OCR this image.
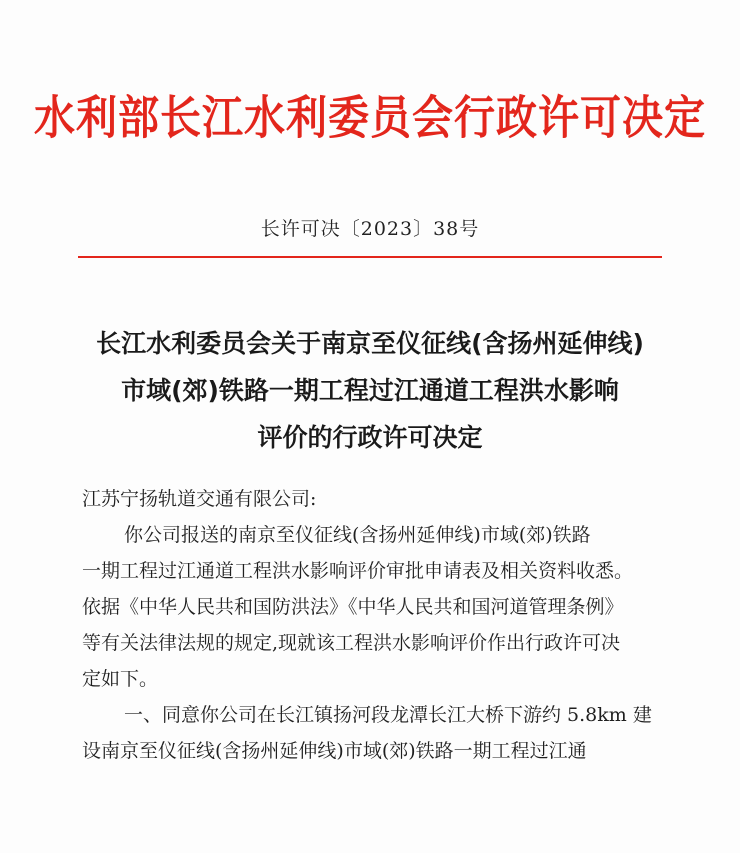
水利部长江水利委员会行政许可决定
长许可决〔2023〕38号
长江水利委员会关于南京至仪征线(含扬州延伸线)
市域(郊)铁路一期工程过江通道工程洪水影响
评价的行政许可决定

江苏宁扬轨道交通有限公司:

你公司报送的南京至仪征线(含扬州延伸线)市域(郊)铁路
一期工程过江通道工程洪水影响评价审批申请表及相关资料收悉。
依据《中华人民共和国防洪法》《中华人民共和国河道管理条例》
等有关法律法规的规定,现就该工程洪水影响评价作出行政许可决
定如下。

一、同意你公司在长江镇扬河段龙潭长江大桥下游约 5.8km 建
设南京至仪征线(含扬州延伸线)市域(郊)铁路一期工程过江通
